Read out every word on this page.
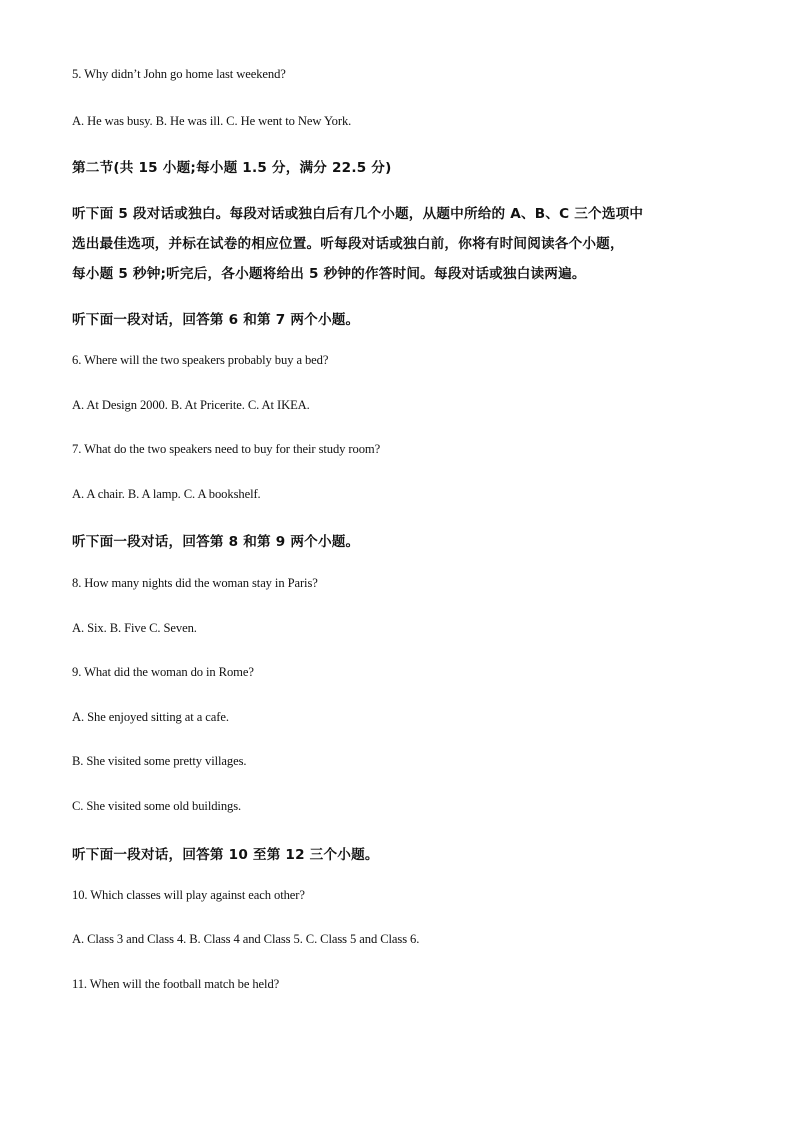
5. Why didn’t John go home last weekend?
A. He was busy. B. He was ill. C. He went to New York.
第二节(共 15 小题;每小题 1.5 分，满分 22.5 分)
听下面 5 段对话或独白。每段对话或独白后有几个小题，从题中所给的 A、B、C 三个选项中
选出最佳选项，并标在试卷的相应位置。听每段对话或独白前，你将有时间阅读各个小题，
每小题 5 秒钟;听完后，各小题将给出 5 秒钟的作答时间。每段对话或独白读两遍。
听下面一段对话，回答第 6 和第 7 两个小题。
6. Where will the two speakers probably buy a bed?
A. At Design 2000. B. At Pricerite. C. At IKEA.
7. What do the two speakers need to buy for their study room?
A. A chair. B. A lamp. C. A bookshelf.
听下面一段对话，回答第 8 和第 9 两个小题。
8. How many nights did the woman stay in Paris?
A. Six. B. Five C. Seven.
9. What did the woman do in Rome?
A. She enjoyed sitting at a cafe.
B. She visited some pretty villages.
C. She visited some old buildings.
听下面一段对话，回答第 10 至第 12 三个小题。
10. Which classes will play against each other?
A. Class 3 and Class 4. B. Class 4 and Class 5. C. Class 5 and Class 6.
11. When will the football match be held?
